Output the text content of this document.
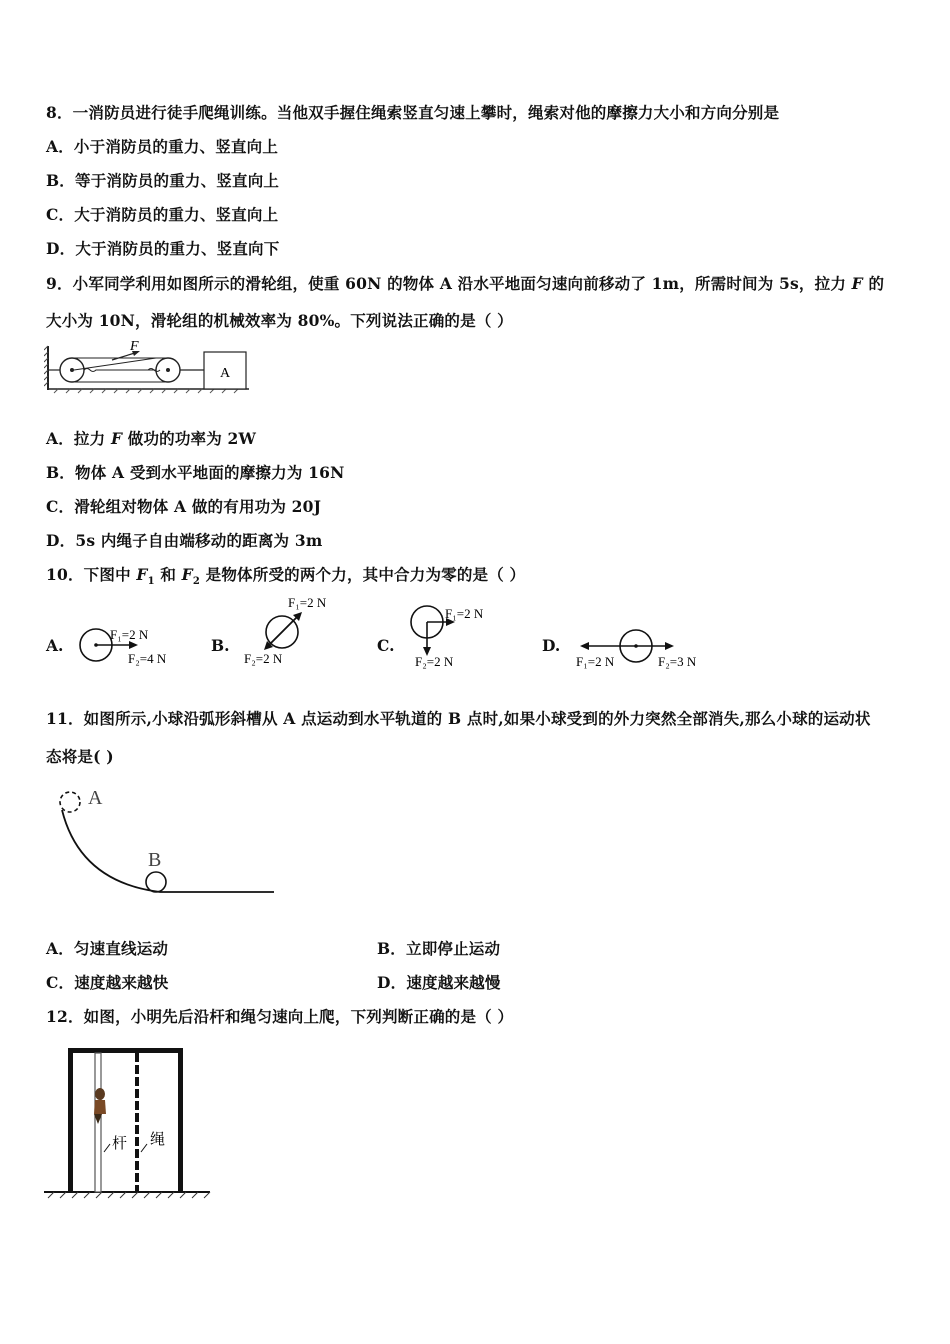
8．一消防员进行徒手爬绳训练。当他双手握住绳索竖直匀速上攀时，绳索对他的摩擦力大小和方向分别是
A．小于消防员的重力、竖直向上
B．等于消防员的重力、竖直向上
C．大于消防员的重力、竖直向上
D．大于消防员的重力、竖直向下
9．小军同学利用如图所示的滑轮组，使重 60N 的物体 A 沿水平地面匀速向前移动了 1m，所需时间为 5s，拉力 F 的
大小为 10N，滑轮组的机械效率为 80%。下列说法正确的是（ ）
F
A
A．拉力 F 做功的功率为 2W
B．物体 A 受到水平地面的摩擦力为 16N
C．滑轮组对物体 A 做的有用功为 20J
D．5s 内绳子自由端移动的距离为 3m
10．下图中 $F_1$ 和 $F_2$ 是物体所受的两个力，其中合力为零的是（ ）
A.
F₁=2 N
F₂=4 N
B.
F₁=2 N
F₂=2 N
C.
F₁=2 N
F₂=2 N
D.
F₁=2 N	F₂=3 N
11．如图所示,小球沿弧形斜槽从 A 点运动到水平轨道的 B 点时,如果小球受到的外力突然全部消失,那么小球的运动状
态将是( )
A
B
A．匀速直线运动	B．立即停止运动
C．速度越来越快	D．速度越来越慢
12．如图，小明先后沿杆和绳匀速向上爬，下列判断正确的是（ ）
杆 绳
